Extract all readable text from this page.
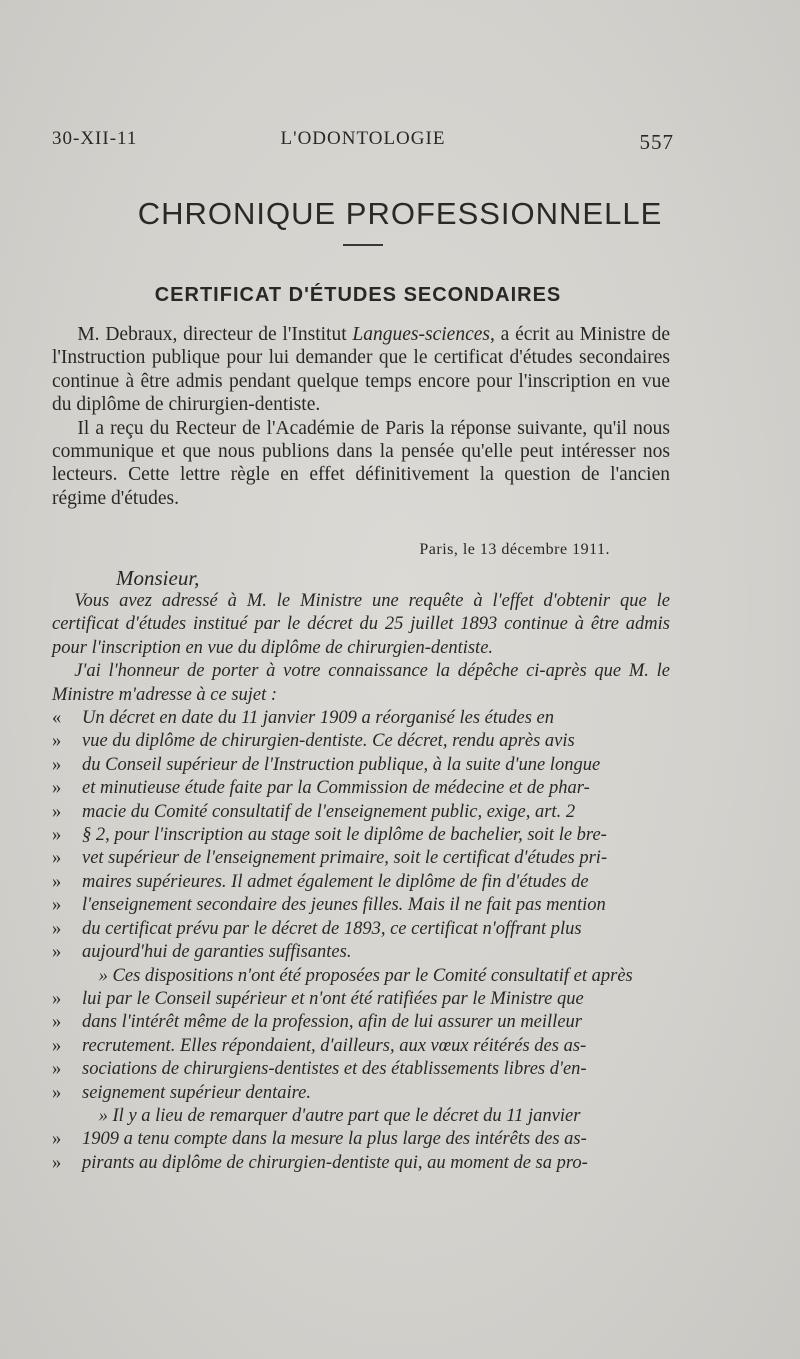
30-XII-11	L'ODONTOLOGIE	557
CHRONIQUE PROFESSIONNELLE
CERTIFICAT D'ÉTUDES SECONDAIRES

M. Debraux, directeur de l'Institut Langues-sciences, a écrit au Ministre de l'Instruction publique pour lui demander que le certificat d'études secondaires continue à être admis pendant quelque temps encore pour l'inscription en vue du diplôme de chirurgien-dentiste.

Il a reçu du Recteur de l'Académie de Paris la réponse suivante, qu'il nous communique et que nous publions dans la pensée qu'elle peut intéresser nos lecteurs. Cette lettre règle en effet définitivement la question de l'ancien régime d'études.

Paris, le 13 décembre 1911.
Monsieur,

Vous avez adressé à M. le Ministre une requête à l'effet d'obtenir que le certificat d'études institué par le décret du 25 juillet 1893 continue à être admis pour l'inscription en vue du diplôme de chirurgien-dentiste.

J'ai l'honneur de porter à votre connaissance la dépêche ci-après que M. le Ministre m'adresse à ce sujet :

« Un décret en date du 11 janvier 1909 a réorganisé les études en
» vue du diplôme de chirurgien-dentiste. Ce décret, rendu après avis
» du Conseil supérieur de l'Instruction publique, à la suite d'une longue
» et minutieuse étude faite par la Commission de médecine et de phar-
» macie du Comité consultatif de l'enseignement public, exige, art. 2
» § 2, pour l'inscription au stage soit le diplôme de bachelier, soit le bre-
» vet supérieur de l'enseignement primaire, soit le certificat d'études pri-
» maires supérieures. Il admet également le diplôme de fin d'études de
» l'enseignement secondaire des jeunes filles. Mais il ne fait pas mention
» du certificat prévu par le décret de 1893, ce certificat n'offrant plus
» aujourd'hui de garanties suffisantes.
» Ces dispositions n'ont été proposées par le Comité consultatif et après
» lui par le Conseil supérieur et n'ont été ratifiées par le Ministre que
» dans l'intérêt même de la profession, afin de lui assurer un meilleur
» recrutement. Elles répondaient, d'ailleurs, aux vœux réitérés des as-
» sociations de chirurgiens-dentistes et des établissements libres d'en-
» seignement supérieur dentaire.
» Il y a lieu de remarquer d'autre part que le décret du 11 janvier
» 1909 a tenu compte dans la mesure la plus large des intérêts des as-
» pirants au diplôme de chirurgien-dentiste qui, au moment de sa pro-
